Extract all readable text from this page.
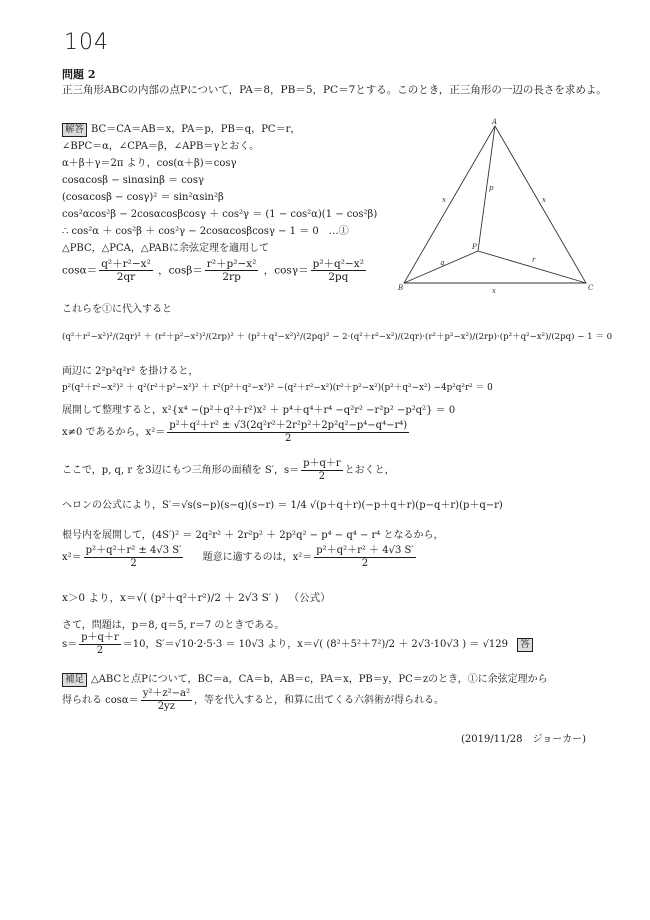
104
問題 2
正三角形ABCの内部の点Pについて，PA＝8，PB＝5，PC＝7とする。このとき，正三角形の一辺の長さを求めよ。
解答 BC＝CA＝AB＝x，PA＝p，PB＝q，PC＝r，
∠BPC＝α，∠CPA＝β，∠APB＝γとおく。
α＋β＋γ＝2π より，cos(α＋β)＝cosγ
cosαcosβ − sinαsinβ ＝ cosγ
(cosαcosβ − cosγ)² ＝ sin²αsin²β
cos²αcos²β − 2cosαcosβcosγ ＋ cos²γ ＝ (1 − cos²α)(1 − cos²β)
∴ cos²α ＋ cos²β ＋ cos²γ − 2cosαcosβcosγ − 1 ＝ 0　…①
△PBC，△PCA，△PABに余弦定理を適用して
$\cos\alpha= \frac{\text{q²＋r²−x²}}{2qr}$ ，$\cos\beta= \frac{\text{r²＋p²−x²}}{2rp}$ ，$\cos\gamma= \frac{\text{p²＋q²−x²}}{2pq}$
これらを①に代入すると
(q²＋r²−x²)²/(2qr)² ＋ (r²＋p²−x²)²/(2rp)² ＋ (p²＋q²−x²)²/(2pq)² − 2·(q²＋r²−x²)/(2qr)·(r²＋p²−x²)/(2rp)·(p²＋q²−x²)/(2pq) − 1 ＝ 0
両辺に 2²p²q²r² を掛けると，
p²(q²＋r²−x²)² ＋ q²(r²＋p²−x²)² ＋ r²(p²＋q²−x²)² −(q²＋r²−x²)(r²＋p²−x²)(p²＋q²−x²) −4p²q²r² ＝ 0
展開して整理すると，x²{x⁴ −(p²＋q²＋r²)x² ＋ p⁴＋q⁴＋r⁴ −q²r² −r²p² −p²q²} ＝ 0
x≠0 であるから，$x^2= \frac{\text{p²＋q²＋r² ± √3(2q²r²＋2r²p²＋2p²q²−p⁴−q⁴−r⁴)}}{2}$
ここで，p, q, r を3辺にもつ三角形の面積を S′，$s= \frac{p+q+r}{2}$ とおくと，
ヘロンの公式により，S′＝√s(s−p)(s−q)(s−r) ＝ 1/4 √(p＋q＋r)(−p＋q＋r)(p−q＋r)(p＋q−r)
根号内を展開して，(4S′)² ＝ 2q²r² ＋ 2r²p² ＋ 2p²q² − p⁴ − q⁴ − r⁴ となるから，
$x^2= \frac{\text{p²＋q²＋r² ± 4√3 S′}}{2}$ 題意に適するのは，$x^2= \frac{\text{p²＋q²＋r² ＋ 4√3 S′}}{2}$
x＞0 より，x＝√( (p²＋q²＋r²)/2 ＋ 2√3 S′ ) （公式）
さて，問題は，p＝8, q＝5, r＝7 のときである。
$s= \frac{p+q+r}{2} =10$，S′＝√10·2·5·3 ＝ 10√3 より，x＝√( (8²＋5²＋7²)/2 ＋ 2√3·10√3 ) ＝ √129 答
補足 △ABCと点Pについて，BC＝a，CA＝b，AB＝c，PA＝x，PB＝y，PC＝zのとき，①に余弦定理から
得られる $\cos\alpha= \frac{\text{y²＋z²−a²}}{2yz}$ ，等を代入すると，和算に出てくる六斜術が得られる。
(2019/11/28　ジョーカー)
A
B	C
P
x	x
x
p
q	r
